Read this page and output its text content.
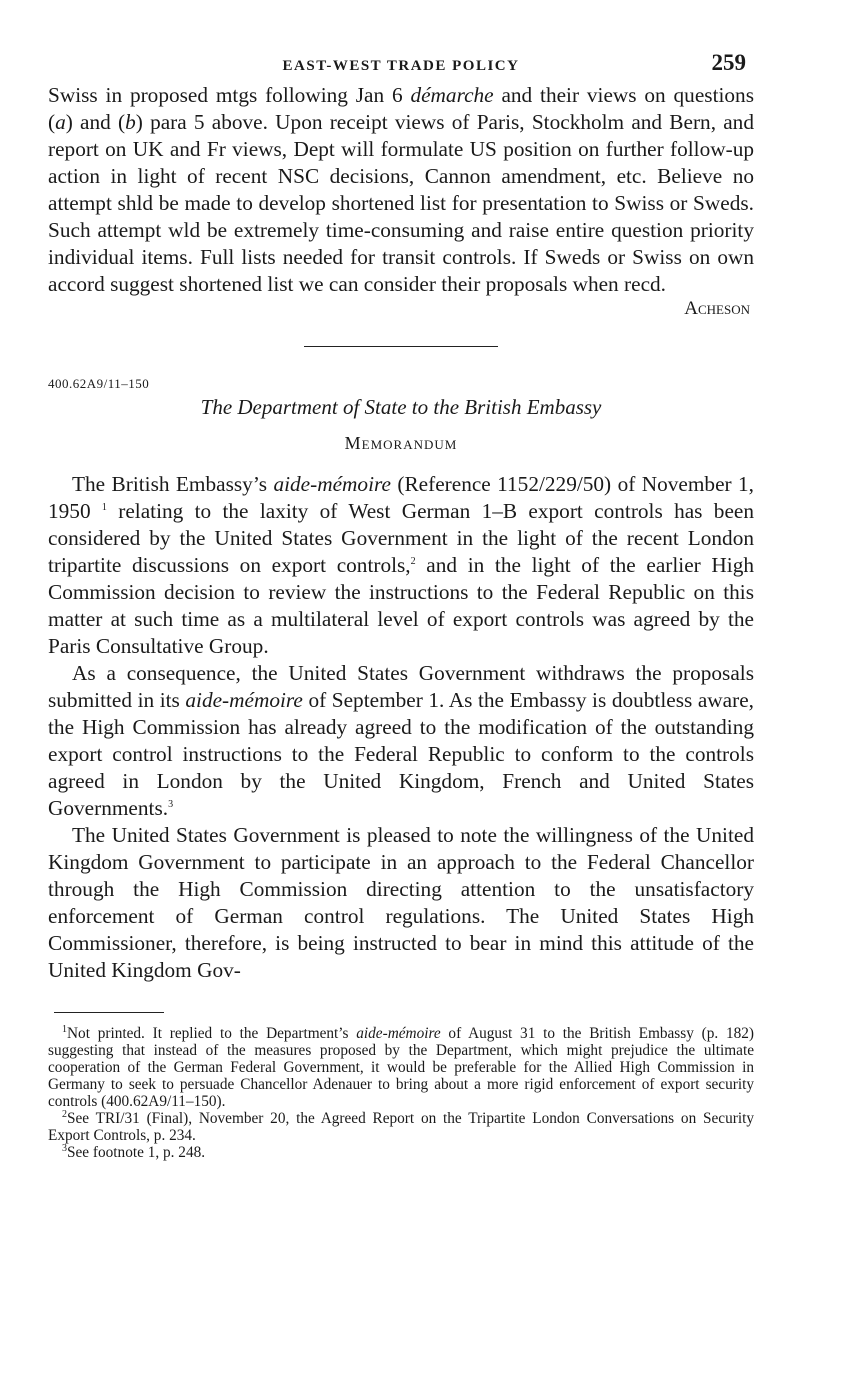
EAST-WEST TRADE POLICY	259

Swiss in proposed mtgs following Jan 6 démarche and their views on questions (a) and (b) para 5 above. Upon receipt views of Paris, Stockholm and Bern, and report on UK and Fr views, Dept will formulate US position on further follow-up action in light of recent NSC decisions, Cannon amendment, etc. Believe no attempt shld be made to develop shortened list for presentation to Swiss or Sweds. Such attempt wld be extremely time-consuming and raise entire question priority individual items. Full lists needed for transit controls. If Sweds or Swiss on own accord suggest shortened list we can consider their proposals when recd.

Acheson

400.62A9/11–150

The Department of State to the British Embassy

Memorandum

The British Embassy’s aide-mémoire (Reference 1152/229/50) of November 1, 1950 $^1$ relating to the laxity of West German 1–B export controls has been considered by the United States Government in the light of the recent London tripartite discussions on export controls,$^2$ and in the light of the earlier High Commission decision to review the instructions to the Federal Republic on this matter at such time as a multilateral level of export controls was agreed by the Paris Consultative Group.

As a consequence, the United States Government withdraws the proposals submitted in its aide-mémoire of September 1. As the Embassy is doubtless aware, the High Commission has already agreed to the modification of the outstanding export control instructions to the Federal Republic to conform to the controls agreed in London by the United Kingdom, French and United States Governments.$^3$

The United States Government is pleased to note the willingness of the United Kingdom Government to participate in an approach to the Federal Chancellor through the High Commission directing attention to the unsatisfactory enforcement of German control regulations. The United States High Commissioner, therefore, is being instructed to bear in mind this attitude of the United Kingdom Gov-

$^1$Not printed. It replied to the Department’s aide-mémoire of August 31 to the British Embassy (p. 182) suggesting that instead of the measures proposed by the Department, which might prejudice the ultimate cooperation of the German Federal Government, it would be preferable for the Allied High Commission in Germany to seek to persuade Chancellor Adenauer to bring about a more rigid enforcement of export security controls (400.62A9/11–150).

$^2$See TRI/31 (Final), November 20, the Agreed Report on the Tripartite London Conversations on Security Export Controls, p. 234.

$^3$See footnote 1, p. 248.
